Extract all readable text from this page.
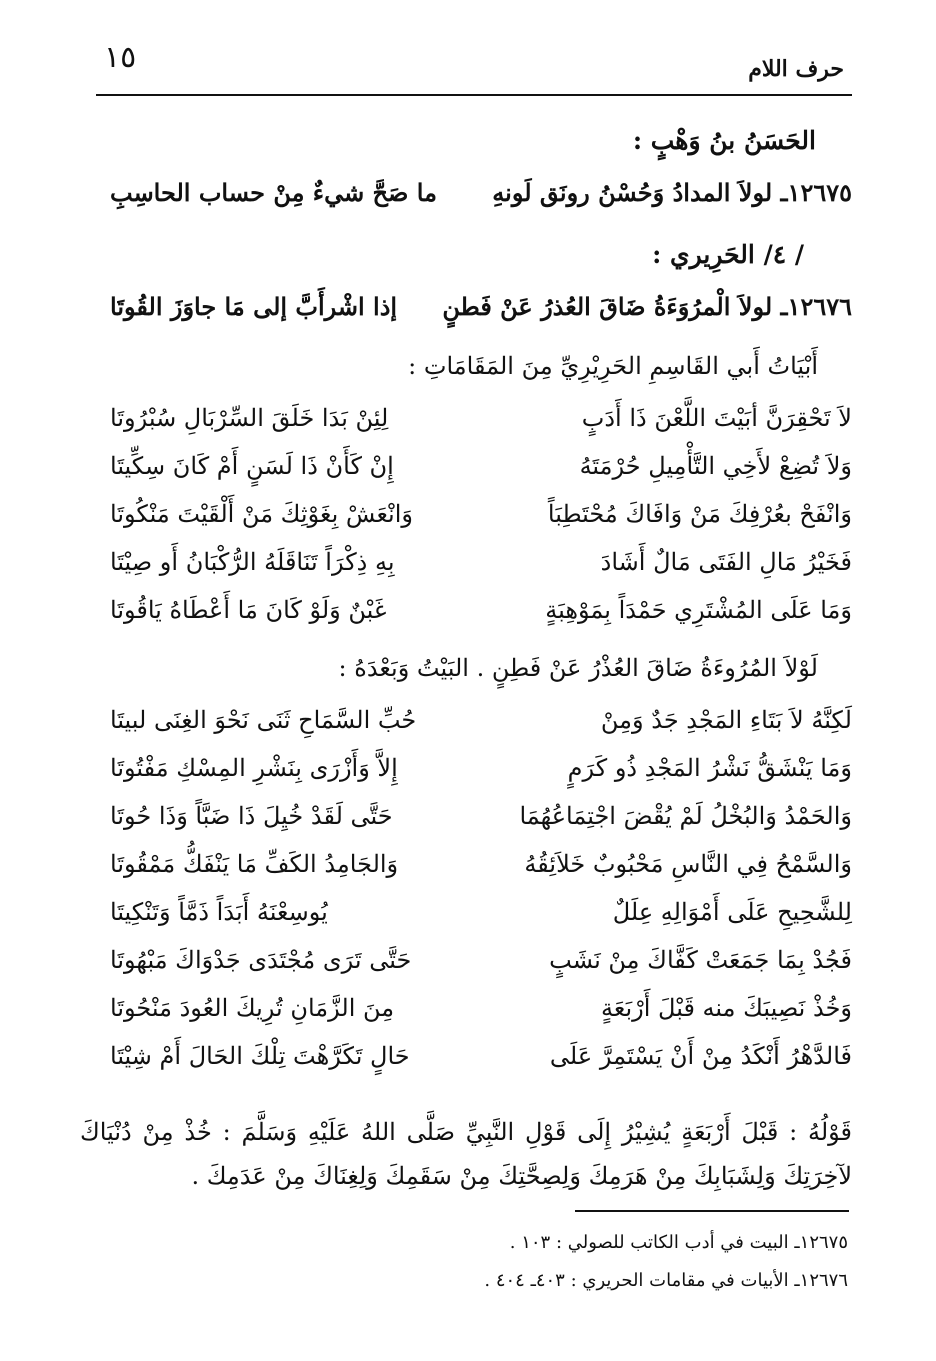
١٥	حرف اللام
الحَسَنُ بنُ وَهْبٍ :
١٢٦٧٥ـ لولاَ المدادُ وَحُسْنُ رونَق لَونهِ
ما صَحَّ شيءٌ مِنْ حساب الحاسِبِ
/ ٤/ الحَرِيري :
١٢٦٧٦ـ لولاَ الْمرُوَءَةُ ضَاقَ العُذرُ عَنْ فَطنٍ
إذا اشْرأَبَّ إلى مَا جاوَزَ القُوتَا
أَبْيَاتُ أَبي القَاسِمِ الحَرِيْرِيِّ مِنَ المَقَامَاتِ :
لاَ تَحْقِرَنَّ أبَيْتَ اللَّعْنَ ذَا أَدَبٍ
لِئِنْ بَدَا خَلَقَ السِّرْبَالِ سُبْرُوتَا
وَلاَ تُضِعْ لأَخِي التَّأْمِيلِ حُرْمَتَهُ
إِنْ كَأَنْ ذَا لَسَنٍ أَمْ كَانَ سِكِّيتَا
وَانْفَحْ بعُرْفِكَ مَنْ وَافَاكَ مُحْتَطِبَاً
وَانْعَشْ بِغَوْثِكَ مَنْ أَلْقَيْتَ مَنْكُوتَا
فَخَيْرُ مَالِ الفَتَى مَالٌ أَشَادَ
بِهِ ذِكْرَاً تَنَاقَلَهُ الرُّكْبَانُ أَو صِيْتَا
وَمَا عَلَى المُشْتَرِي حَمْدَاً بِمَوْهِبَةٍ
غَبْنٌ وَلَوْ كَانَ مَا أَعْطَاهُ يَاقُوتَا
لَوْلاَ المُرُوءَةُ ضَاقَ العُذْرُ عَنْ فَطِنٍ . البَيْتُ وَبَعْدَهُ :
لَكِنَّهُ لاَ بَتَاءِ المَجْدِ جَدٌ وَمِنْ
حُبِّ السَّمَاحِ ثَنَى نَحْوَ الغِنَى لبيتَا
وَمَا يَنْشَقُّ نَشْرُ المَجْدِ ذُو كَرَمٍ
إِلاَّ وَأَزْرَى بِنَشْرِ المِسْكِ مَفْتُوتَا
وَالحَمْدُ وَالبُخْلُ لَمْ يُقْضَ اجْتِمَاعُهُمَا
حَتَّى لَقَدْ خُيِلَ ذَا ضَبَّاً وَذَا حُوتَا
وَالسَّمْحُ فِي النَّاسِ مَحْبُوبٌ خَلاَئِقُهُ
وَالجَامِدُ الكَفِّ مَا يَنْفَكُّ مَمْقُوتَا
لِلشَّحِيحِ عَلَى أَمْوَالِهِ عِلَلٌ
يُوسِعْنَهُ أَبَدَاً ذَمَّاً وَتَنْكِيتَا
فَجُدْ بِمَا جَمَعَتْ كَفَّاكَ مِنْ نَشَبٍ
حَتَّى تَرَى مُجْتَدَى جَدْوَاكَ مَبْهُوتَا
وَخُذْ نَصِيبَكَ منه قَبْلَ أَرْبَعَةٍ
مِنَ الزَّمَانِ تُرِيكَ العُودَ مَنْحُوتَا
فَالدَّهْرُ أَنْكَدُ مِنْ أَنْ يَسْتَمِرَّ عَلَى
حَالٍ تَكَرَّهْتَ تِلْكَ الحَالَ أَمْ شِيْتَا
قَوْلُهُ : قَبْلَ أَرْبَعَةٍ يُشِيْرُ إِلَى قَوْلِ النَّبِيِّ صَلَّى اللهُ عَلَيْهِ وَسَلَّمَ : خُذْ مِنْ دُنْيَاكَ لآخِرَتِكَ وَلِشَبَابِكَ مِنْ هَرَمِكَ وَلِصِحَّتِكَ مِنْ سَقَمِكَ وَلِغِنَاكَ مِنْ عَدَمِكَ .
١٢٦٧٥ـ البيت في أدب الكاتب للصولي : ١٠٣ .
١٢٦٧٦ـ الأبيات في مقامات الحريري : ٤٠٣ـ ٤٠٤ .
